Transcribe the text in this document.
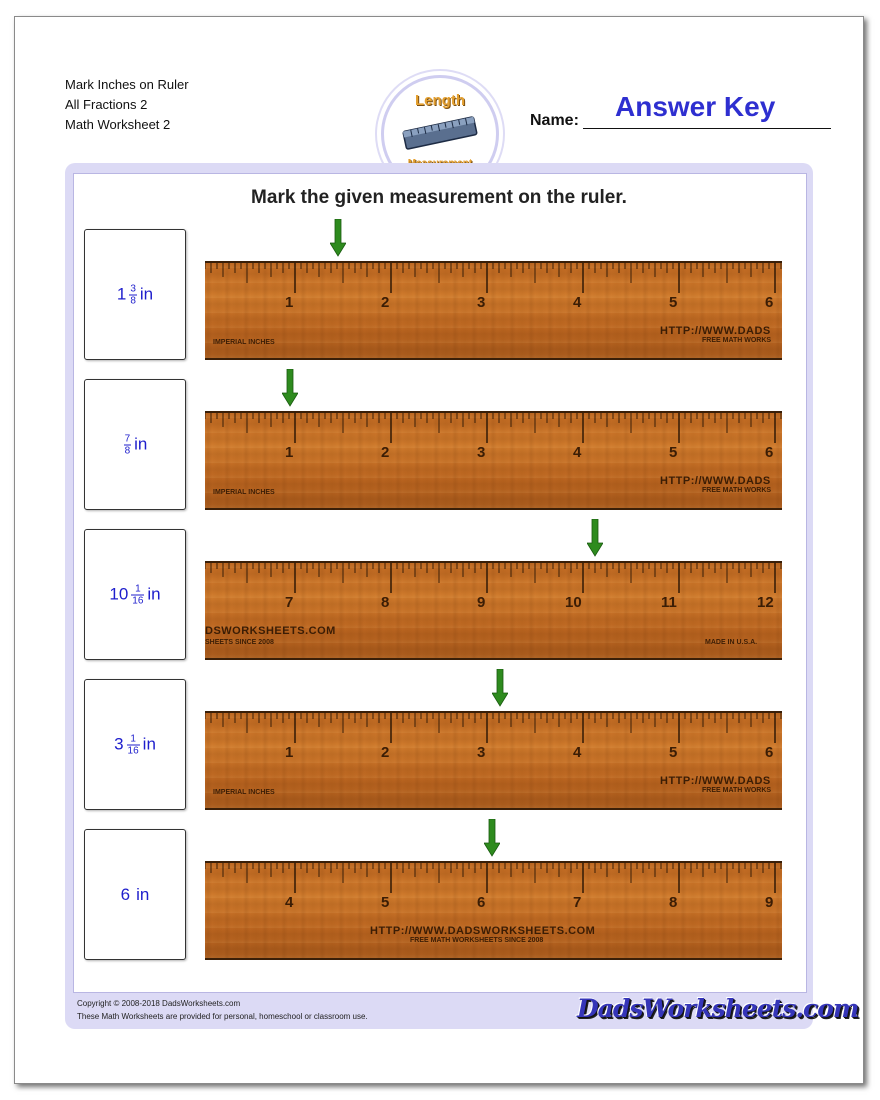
Mark Inches on Ruler
All Fractions 2
Math Worksheet 2
Length
Name: Answer Key
Mark the given measurement on the ruler.
$1 \frac{3}{8}$ in	1	2	3	4	5	6
HTTP://WWW.DADS
FREE MATH WORKS
IMPERIAL INCHES
$\frac{7}{8}$ in	1	2	3	4	5	6
HTTP://WWW.DADS
FREE MATH WORKS
IMPERIAL INCHES
$10 \frac{1}{16}$ in	7	8	9	10	11	12
DSWORKSHEETS.COM
SHEETS SINCE 2008	MADE IN U.S.A.
$3 \frac{1}{16}$ in	1	2	3	4	5	6
HTTP://WWW.DADS
FREE MATH WORKS
IMPERIAL INCHES
6 in	4	5	6	7	8	9
HTTP://WWW.DADSWORKSHEETS.COM
FREE MATH WORKSHEETS SINCE 2008
Copyright © 2008-2018 DadsWorksheets.com
These Math Worksheets are provided for personal, homeschool or classroom use.	DadsWorksheets.com
